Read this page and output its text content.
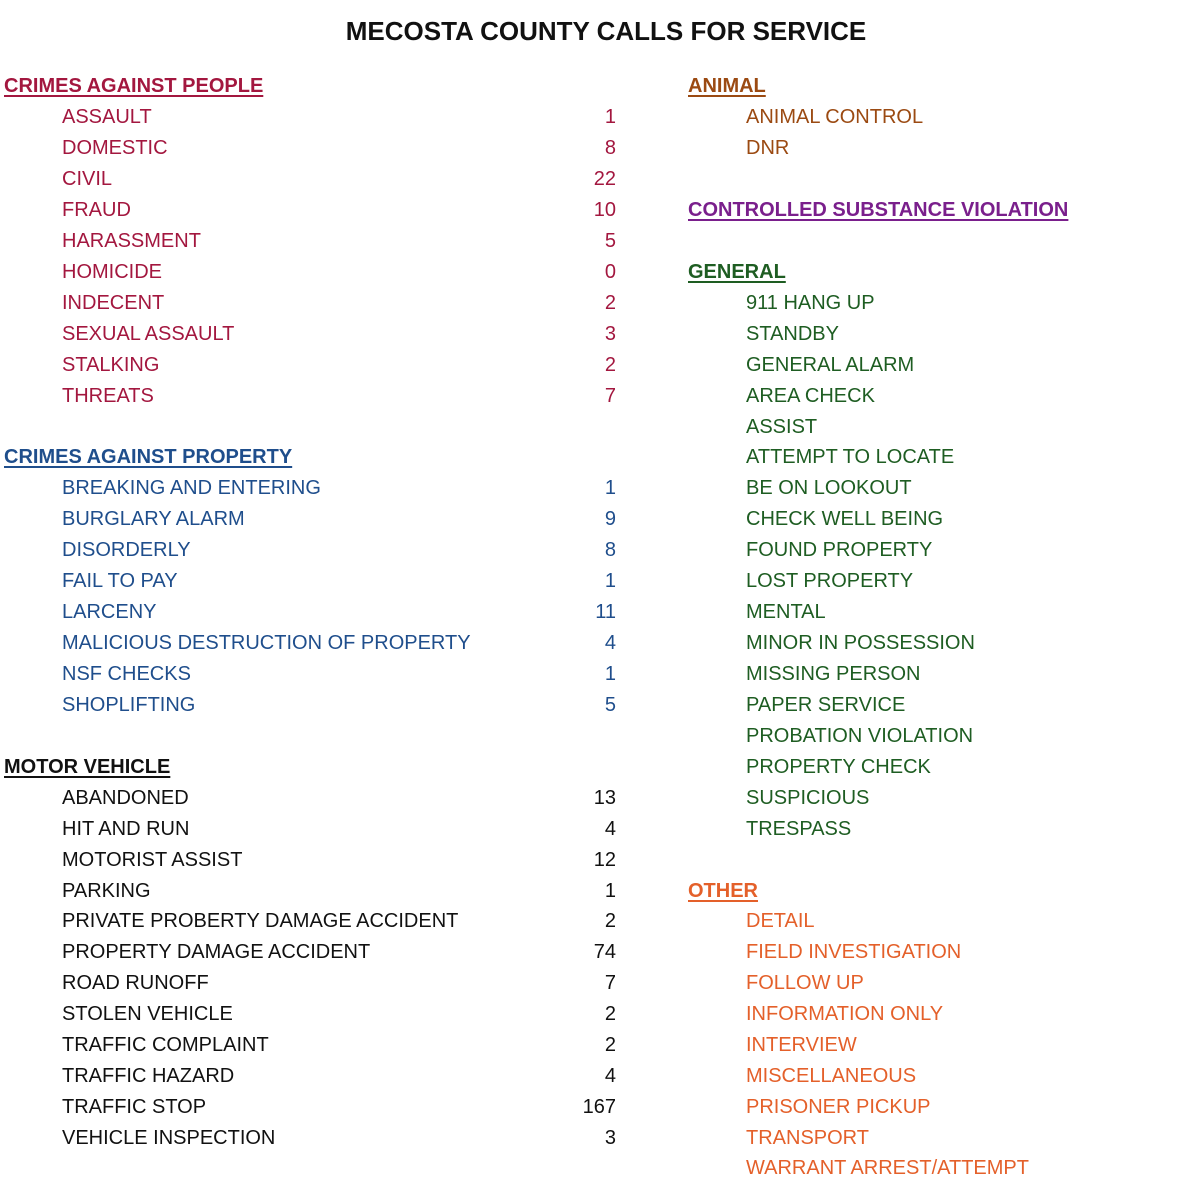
MECOSTA COUNTY CALLS FOR SERVICE
CRIMES AGAINST PEOPLE
ASSAULT	1
DOMESTIC	8
CIVIL	22
FRAUD	10
HARASSMENT	5
HOMICIDE	0
INDECENT	2
SEXUAL ASSAULT	3
STALKING	2
THREATS	7
CRIMES AGAINST PROPERTY
BREAKING AND ENTERING	1
BURGLARY ALARM	9
DISORDERLY	8
FAIL TO PAY	1
LARCENY	11
MALICIOUS DESTRUCTION OF PROPERTY	4
NSF CHECKS	1
SHOPLIFTING	5
MOTOR VEHICLE
ABANDONED	13
HIT AND RUN	4
MOTORIST ASSIST	12
PARKING	1
PRIVATE PROBERTY DAMAGE ACCIDENT	2
PROPERTY DAMAGE ACCIDENT	74
ROAD RUNOFF	7
STOLEN VEHICLE	2
TRAFFIC COMPLAINT	2
TRAFFIC HAZARD	4
TRAFFIC STOP	167
VEHICLE INSPECTION	3
ANIMAL
ANIMAL CONTROL
DNR
CONTROLLED SUBSTANCE VIOLATION
GENERAL
911 HANG UP
STANDBY
GENERAL ALARM
AREA CHECK
ASSIST
ATTEMPT TO LOCATE
BE ON LOOKOUT
CHECK WELL BEING
FOUND PROPERTY
LOST PROPERTY
MENTAL
MINOR IN POSSESSION
MISSING PERSON
PAPER SERVICE
PROBATION VIOLATION
PROPERTY CHECK
SUSPICIOUS
TRESPASS
OTHER
DETAIL
FIELD INVESTIGATION
FOLLOW UP
INFORMATION ONLY
INTERVIEW
MISCELLANEOUS
PRISONER PICKUP
TRANSPORT
WARRANT ARREST/ATTEMPT
